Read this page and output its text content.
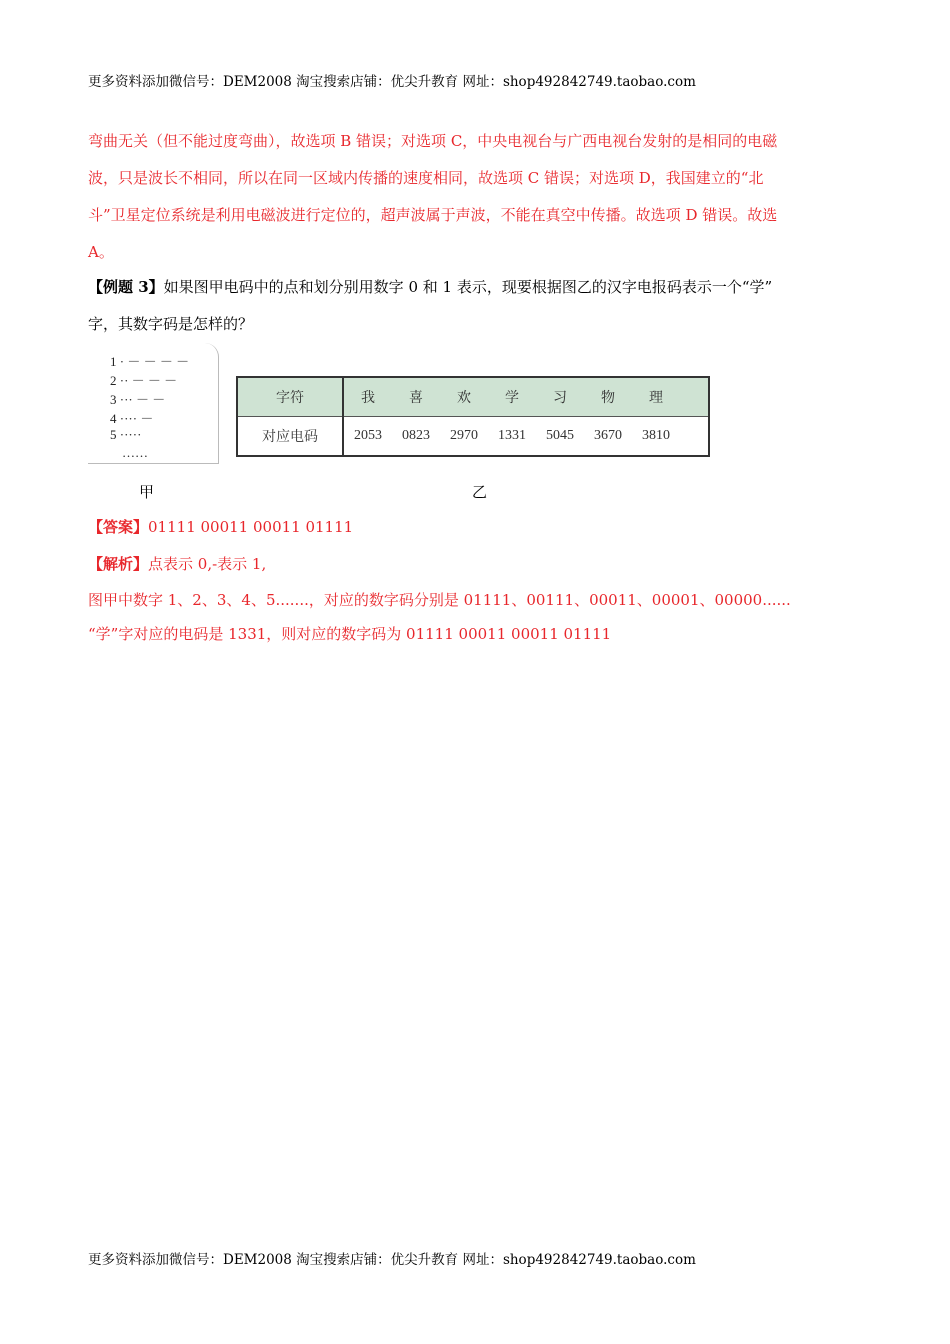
更多资料添加微信号：DEM2008 淘宝搜索店铺：优尖升教育 网址：shop492842749.taobao.com
弯曲无关（但不能过度弯曲），故选项 B 错误；对选项 C，中央电视台与广西电视台发射的是相同的电磁
波，只是波长不相同，所以在同一区域内传播的速度相同，故选项 C 错误；对选项 D，我国建立的“北
斗”卫星定位系统是利用电磁波进行定位的，超声波属于声波，不能在真空中传播。故选项 D 错误。故选
A。
【例题 3】如果图甲电码中的点和划分别用数字 0 和 1 表示，现要根据图乙的汉字电报码表示一个“学”
字，其数字码是怎样的？
1 · － － － －
2 ·· － － －
3 ··· － －
4 ···· －
5 ·····
……
字符	我 喜 欢 学 习 物 理
对应电码	2053 0823 2970 1331 5045 3670 3810
甲	乙
【答案】01111 00011 00011 01111
【解析】点表示 0,-表示 1,
图甲中数字 1、2、3、4、5.......，对应的数字码分别是 01111、00111、00011、00001、00000......
“学”字对应的电码是 1331，则对应的数字码为 01111 00011 00011 01111
更多资料添加微信号：DEM2008 淘宝搜索店铺：优尖升教育 网址：shop492842749.taobao.com
